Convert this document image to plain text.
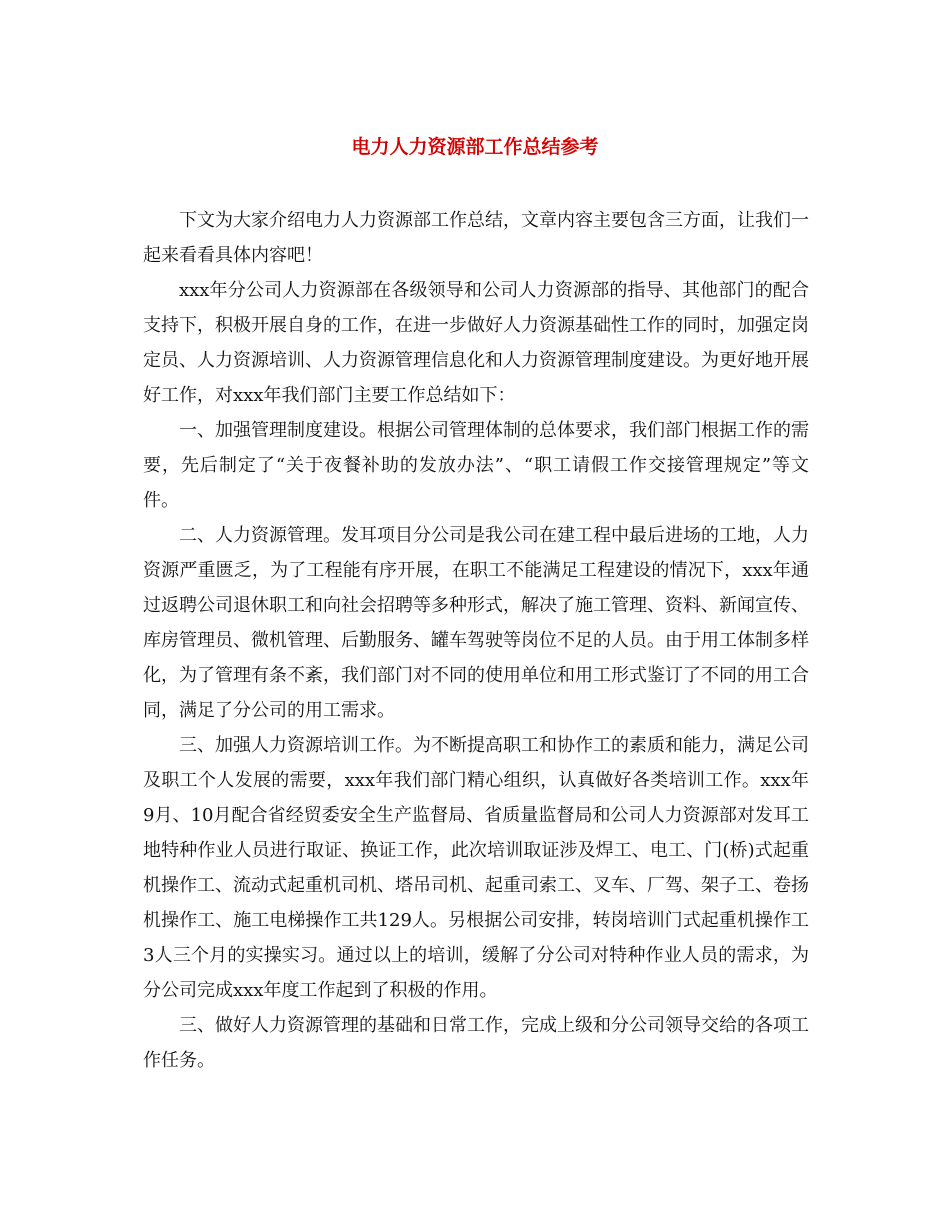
电力人力资源部工作总结参考

下文为大家介绍电力人力资源部工作总结，文章内容主要包含三方面，让我们一起来看看具体内容吧！

xxx年分公司人力资源部在各级领导和公司人力资源部的指导、其他部门的配合支持下，积极开展自身的工作，在进一步做好人力资源基础性工作的同时，加强定岗定员、人力资源培训、人力资源管理信息化和人力资源管理制度建设。为更好地开展好工作，对xxx年我们部门主要工作总结如下：

一、加强管理制度建设。根据公司管理体制的总体要求，我们部门根据工作的需要，先后制定了“关于夜餐补助的发放办法”、“职工请假工作交接管理规定”等文件。

二、人力资源管理。发耳项目分公司是我公司在建工程中最后进场的工地，人力资源严重匮乏，为了工程能有序开展，在职工不能满足工程建设的情况下，xxx年通过返聘公司退休职工和向社会招聘等多种形式，解决了施工管理、资料、新闻宣传、库房管理员、微机管理、后勤服务、罐车驾驶等岗位不足的人员。由于用工体制多样化，为了管理有条不紊，我们部门对不同的使用单位和用工形式鉴订了不同的用工合同，满足了分公司的用工需求。

三、加强人力资源培训工作。为不断提高职工和协作工的素质和能力，满足公司及职工个人发展的需要，xxx年我们部门精心组织，认真做好各类培训工作。xxx年9月、10月配合省经贸委安全生产监督局、省质量监督局和公司人力资源部对发耳工地特种作业人员进行取证、换证工作，此次培训取证涉及焊工、电工、门(桥)式起重机操作工、流动式起重机司机、塔吊司机、起重司索工、叉车、厂驾、架子工、卷扬机操作工、施工电梯操作工共129人。另根据公司安排，转岗培训门式起重机操作工3人三个月的实操实习。通过以上的培训，缓解了分公司对特种作业人员的需求，为分公司完成xxx年度工作起到了积极的作用。

三、做好人力资源管理的基础和日常工作，完成上级和分公司领导交给的各项工作任务。
